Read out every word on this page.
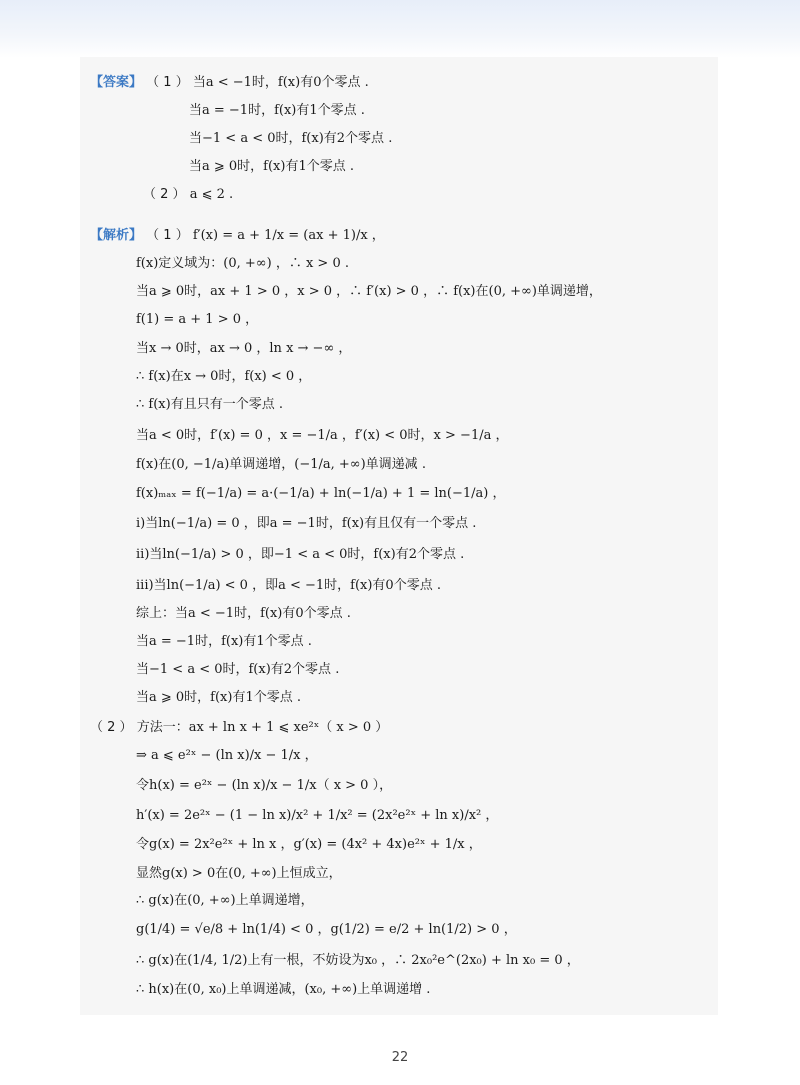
【答案】 （ 1 ） 当a < −1时，f(x)有0个零点 .
当a = −1时，f(x)有1个零点 .
当−1 < a < 0时，f(x)有2个零点 .
当a ⩾ 0时，f(x)有1个零点 .
（ 2 ） a ⩽ 2 .
【解析】 （ 1 ） f′(x) = a + 1/x = (ax + 1)/x ，
f(x)定义域为：(0, +∞) ，∴ x > 0 .
当a ⩾ 0时，ax + 1 > 0 ，x > 0 ，∴ f′(x) > 0 ，∴ f(x)在(0, +∞)单调递增，
f(1) = a + 1 > 0 ，
当x → 0时，ax → 0 ，ln x → −∞ ，
∴ f(x)在x → 0时，f(x) < 0 ，
∴ f(x)有且只有一个零点 .
当a < 0时，f′(x) = 0 ，x = −1/a ，f′(x) < 0时，x > −1/a ，
f(x)在(0, −1/a)单调递增，(−1/a, +∞)单调递减 .
f(x)ₘₐₓ = f(−1/a) = a·(−1/a) + ln(−1/a) + 1 = ln(−1/a) ，
i)当ln(−1/a) = 0 ，即a = −1时，f(x)有且仅有一个零点 .
ii)当ln(−1/a) > 0 ，即−1 < a < 0时，f(x)有2个零点 .
iii)当ln(−1/a) < 0 ，即a < −1时，f(x)有0个零点 .
综上：当a < −1时，f(x)有0个零点 .
当a = −1时，f(x)有1个零点 .
当−1 < a < 0时，f(x)有2个零点 .
当a ⩾ 0时，f(x)有1个零点 .
（ 2 ） 方法一：ax + ln x + 1 ⩽ xe²ˣ（ x > 0 ）
⇒ a ⩽ e²ˣ − (ln x)/x − 1/x ，
令h(x) = e²ˣ − (ln x)/x − 1/x（ x > 0 ），
h′(x) = 2e²ˣ − (1 − ln x)/x² + 1/x² = (2x²e²ˣ + ln x)/x² ，
令g(x) = 2x²e²ˣ + ln x ，g′(x) = (4x² + 4x)e²ˣ + 1/x ，
显然g(x) > 0在(0, +∞)上恒成立，
∴ g(x)在(0, +∞)上单调递增，
g(1/4) = √e/8 + ln(1/4) < 0 ，g(1/2) = e/2 + ln(1/2) > 0 ，
∴ g(x)在(1/4, 1/2)上有一根，不妨设为x₀ ，∴ 2x₀²e^(2x₀) + ln x₀ = 0 ，
∴ h(x)在(0, x₀)上单调递减，(x₀, +∞)上单调递增 .
22
